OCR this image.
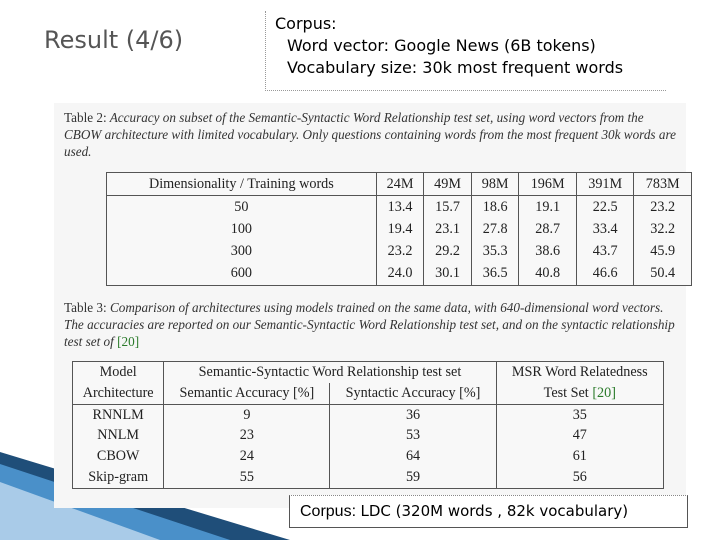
Result (4/6)
Corpus:
Word vector: Google News (6B tokens)
Vocabulary size: 30k most frequent words
Table 2: Accuracy on subset of the Semantic-Syntactic Word Relationship test set, using word vectors from the CBOW architecture with limited vocabulary. Only questions containing words from the most frequent 30k words are used.
Dimensionality / Training words	24M	49M	98M	196M	391M	783M
50	13.4	15.7	18.6	19.1	22.5	23.2
100	19.4	23.1	27.8	28.7	33.4	32.2
300	23.2	29.2	35.3	38.6	43.7	45.9
600	24.0	30.1	36.5	40.8	46.6	50.4
Table 3: Comparison of architectures using models trained on the same data, with 640-dimensional word vectors. The accuracies are reported on our Semantic-Syntactic Word Relationship test set, and on the syntactic relationship test set of [20]
Model	Semantic-Syntactic Word Relationship test set		MSR Word Relatedness
Architecture	Semantic Accuracy [%]	Syntactic Accuracy [%]	Test Set [20]
RNNLM	9	36	35
NNLM	23	53	47
CBOW	24	64	61
Skip-gram	55	59	56
Corpus: LDC (320M words , 82k vocabulary)
